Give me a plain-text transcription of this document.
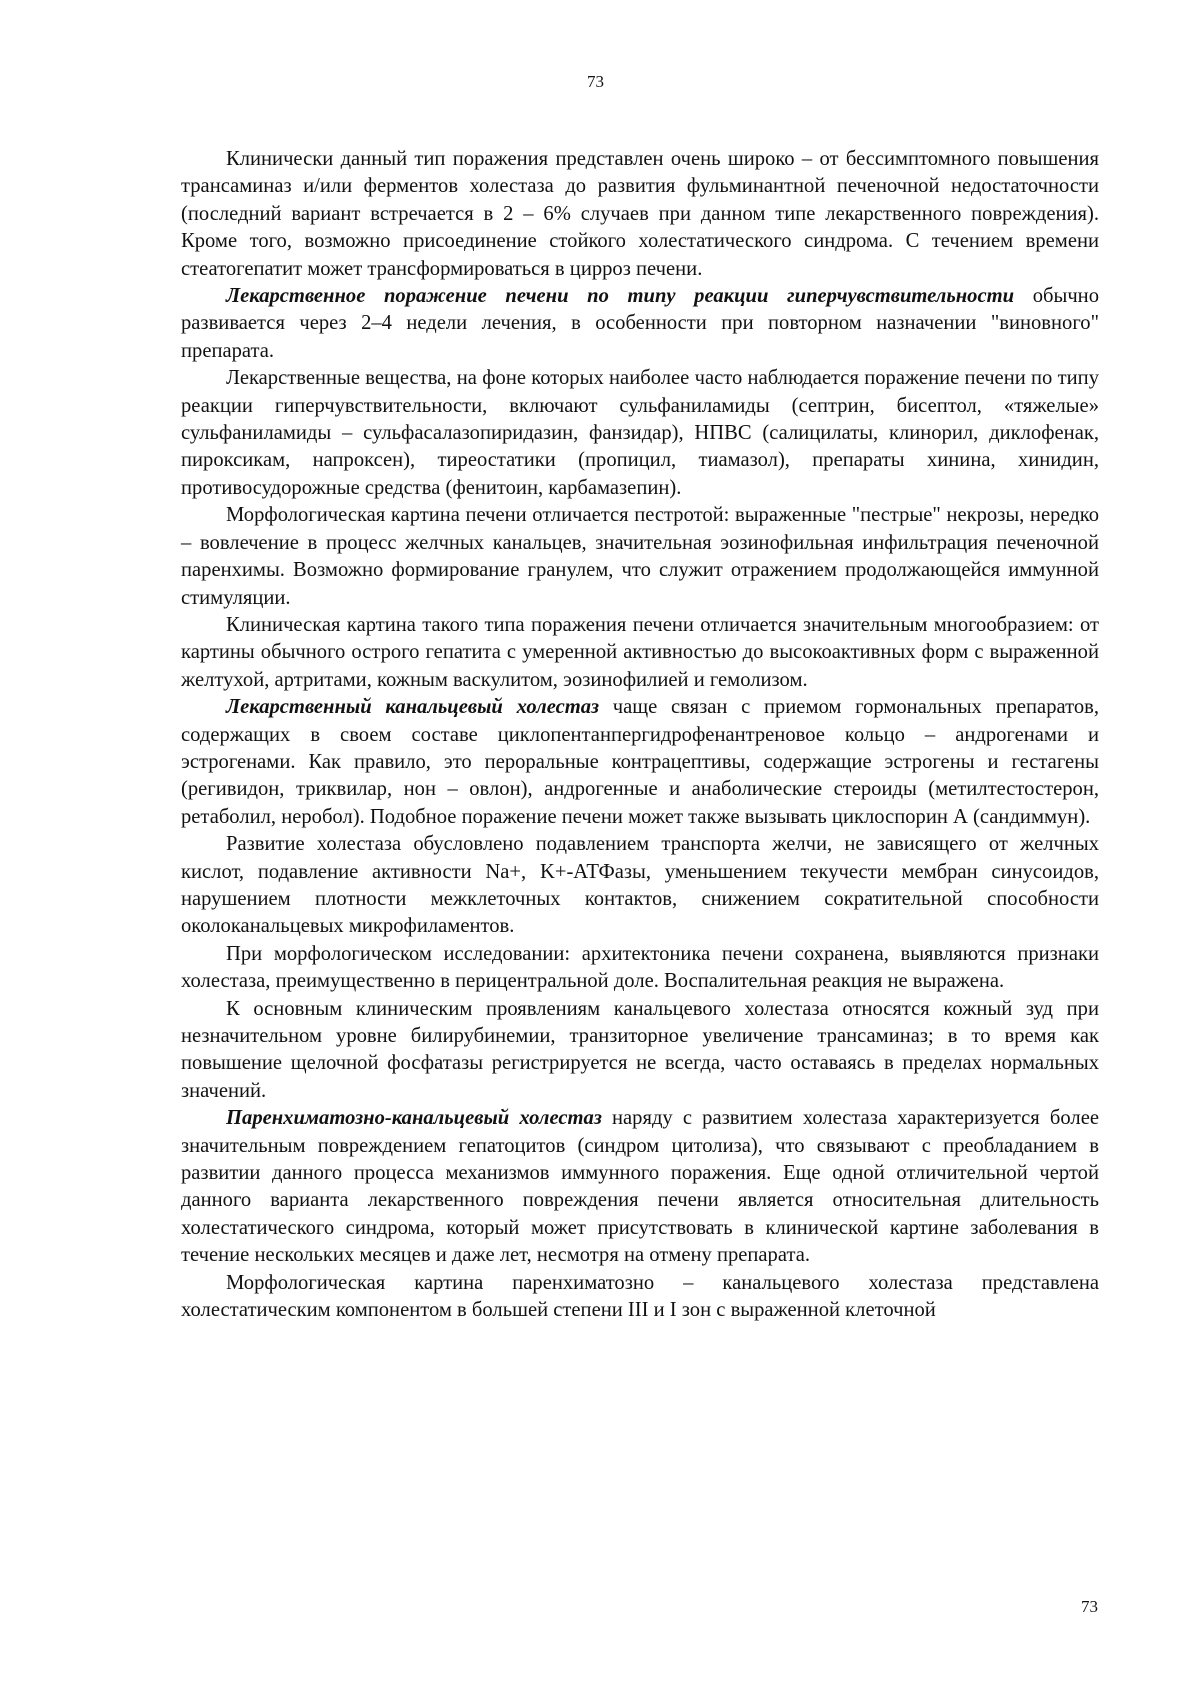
73

Клинически данный тип поражения представлен очень широко – от бессимптомного повышения трансаминаз и/или ферментов холестаза до развития фульминантной печеночной недостаточности (последний вариант встречается в 2 – 6% случаев при данном типе лекарственного повреждения). Кроме того, возможно присоединение стойкого холестатического синдрома. С течением времени стеатогепатит может трансформироваться в цирроз печени.

Лекарственное поражение печени по типу реакции гиперчувствительности обычно развивается через 2–4 недели лечения, в особенности при повторном назначении "виновного" препарата.

Лекарственные вещества, на фоне которых наиболее часто наблюдается поражение печени по типу реакции гиперчувствительности, включают сульфаниламиды (септрин, бисептол, «тяжелые» сульфаниламиды – сульфасалазопиридазин, фанзидар), НПВС (салицилаты, клинорил, диклофенак, пироксикам, напроксен), тиреостатики (пропицил, тиамазол), препараты хинина, хинидин, противосудорожные средства (фенитоин, карбамазепин).

Морфологическая картина печени отличается пестротой: выраженные "пестрые" некрозы, нередко – вовлечение в процесс желчных канальцев, значительная эозинофильная инфильтрация печеночной паренхимы. Возможно формирование гранулем, что служит отражением продолжающейся иммунной стимуляции.

Клиническая картина такого типа поражения печени отличается значительным многообразием: от картины обычного острого гепатита с умеренной активностью до высокоактивных форм с выраженной желтухой, артритами, кожным васкулитом, эозинофилией и гемолизом.

Лекарственный канальцевый холестаз чаще связан с приемом гормональных препаратов, содержащих в своем составе циклопентанпергидрофенантреновое кольцо – андрогенами и эстрогенами. Как правило, это пероральные контрацептивы, содержащие эстрогены и гестагены (регивидон, триквилар, нон – овлон), андрогенные и анаболические стероиды (метилтестостерон, ретаболил, неробол). Подобное поражение печени может также вызывать циклоспорин А (сандиммун).

Развитие холестаза обусловлено подавлением транспорта желчи, не зависящего от желчных кислот, подавление активности Na+, K+-АТФазы, уменьшением текучести мембран синусоидов, нарушением плотности межклеточных контактов, снижением сократительной способности околоканальцевых микрофиламентов.

При морфологическом исследовании: архитектоника печени сохранена, выявляются признаки холестаза, преимущественно в перицентральной доле. Воспалительная реакция не выражена.

К основным клиническим проявлениям канальцевого холестаза относятся кожный зуд при незначительном уровне билирубинемии, транзиторное увеличение трансаминаз; в то время как повышение щелочной фосфатазы регистрируется не всегда, часто оставаясь в пределах нормальных значений.

Паренхиматозно-канальцевый холестаз наряду с развитием холестаза характеризуется более значительным повреждением гепатоцитов (синдром цитолиза), что связывают с преобладанием в развитии данного процесса механизмов иммунного поражения. Еще одной отличительной чертой данного варианта лекарственного повреждения печени является относительная длительность холестатического синдрома, который может присутствовать в клинической картине заболевания в течение нескольких месяцев и даже лет, несмотря на отмену препарата.

Морфологическая картина паренхиматозно – канальцевого холестаза представлена холестатическим компонентом в большей степени III и I зон с выраженной клеточной

73
